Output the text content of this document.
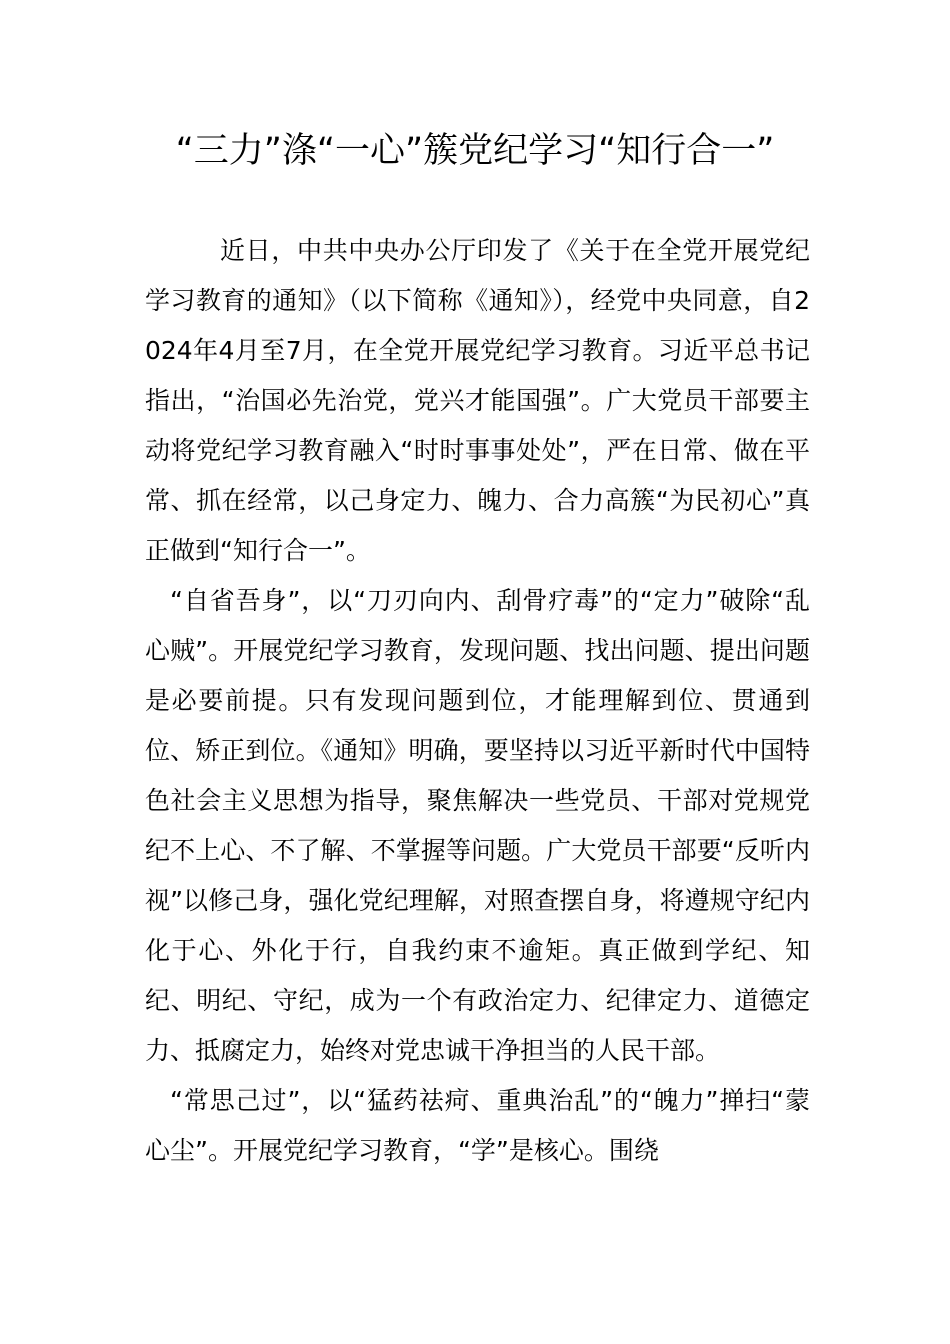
“三力”涤“一心”簇党纪学习“知行合一”

近日，中共中央办公厅印发了《关于在全党开展党纪学习教育的通知》（以下简称《通知》），经党中央同意，自2024年4月至7月，在全党开展党纪学习教育。习近平总书记指出，“治国必先治党，党兴才能国强”。广大党员干部要主动将党纪学习教育融入“时时事事处处”，严在日常、做在平常、抓在经常，以己身定力、魄力、合力高簇“为民初心”真正做到“知行合一”。

“自省吾身”，以“刀刃向内、刮骨疗毒”的“定力”破除“乱心贼”。开展党纪学习教育，发现问题、找出问题、提出问题是必要前提。只有发现问题到位，才能理解到位、贯通到位、矫正到位。《通知》明确，要坚持以习近平新时代中国特色社会主义思想为指导，聚焦解决一些党员、干部对党规党纪不上心、不了解、不掌握等问题。广大党员干部要“反听内视”以修己身，强化党纪理解，对照查摆自身，将遵规守纪内化于心、外化于行，自我约束不逾矩。真正做到学纪、知纪、明纪、守纪，成为一个有政治定力、纪律定力、道德定力、抵腐定力，始终对党忠诚干净担当的人民干部。

“常思己过”，以“猛药祛疴、重典治乱”的“魄力”掸扫“蒙心尘”。开展党纪学习教育，“学”是核心。围绕
